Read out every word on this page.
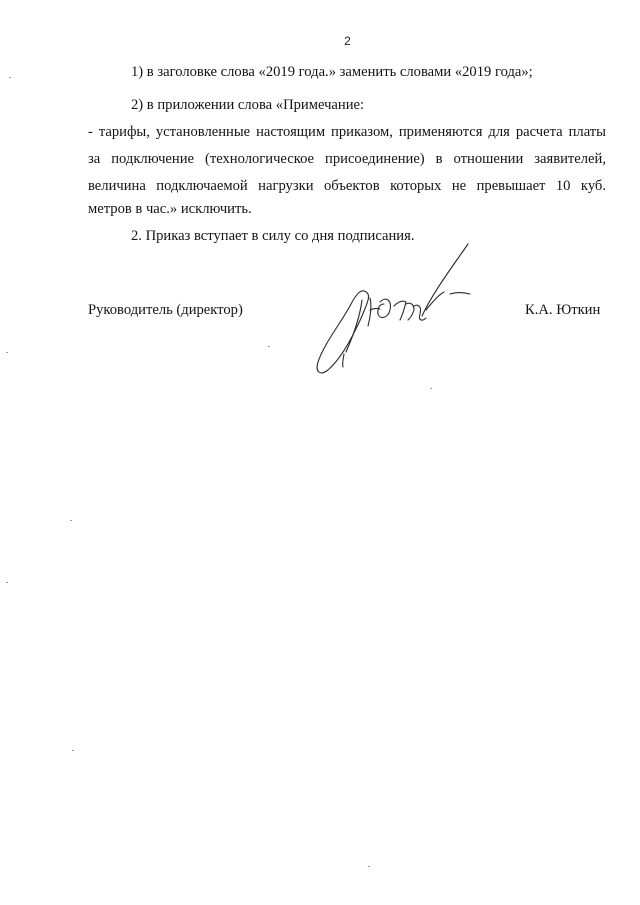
2
1) в заголовке слова «2019 года.» заменить словами «2019 года»;
2) в приложении слова «Примечание:
- тарифы, установленные настоящим приказом, применяются для расчета платы
за подключение (технологическое присоединение) в отношении заявителей,
величина подключаемой нагрузки объектов которых не превышает 10 куб.
метров в час.» исключить.
2. Приказ вступает в силу со дня подписания.
Руководитель (директор)	К.А. Юткин
